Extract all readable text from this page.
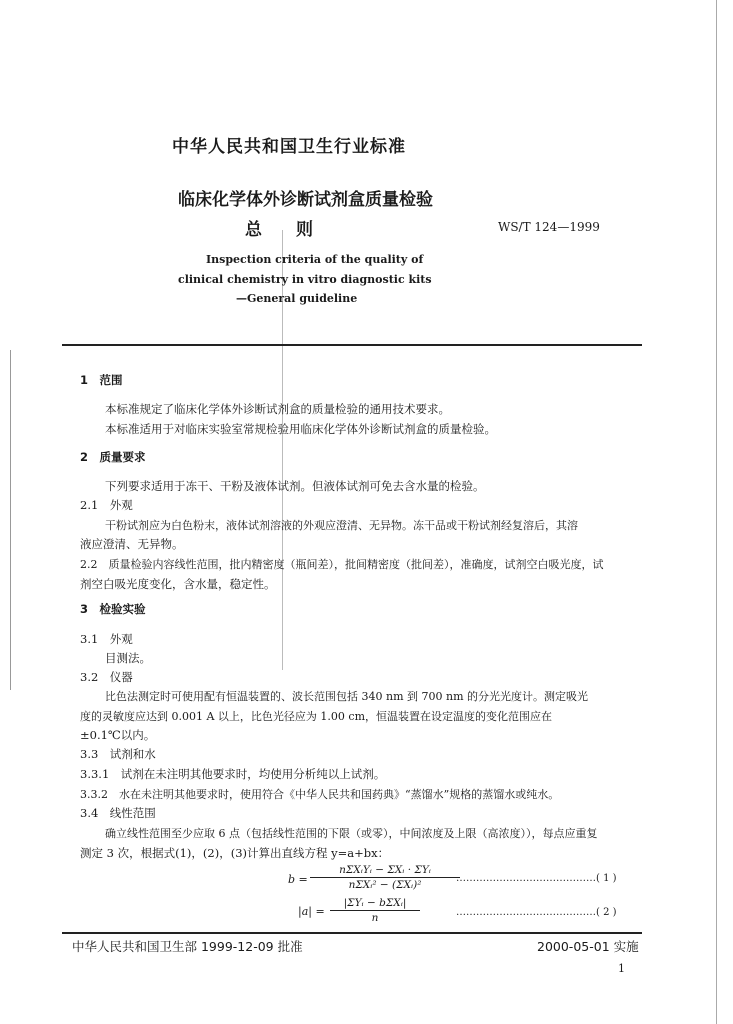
中华人民共和国卫生行业标准
临床化学体外诊断试剂盒质量检验
总　　则	WS/T 124—1999
Inspection criteria of the quality of
clinical chemistry in vitro diagnostic kits
—General guideline
1　范围
本标准规定了临床化学体外诊断试剂盒的质量检验的通用技术要求。
本标准适用于对临床实验室常规检验用临床化学体外诊断试剂盒的质量检验。
2　质量要求
下列要求适用于冻干、干粉及液体试剂。但液体试剂可免去含水量的检验。
2.1　外观
干粉试剂应为白色粉末，液体试剂溶液的外观应澄清、无异物。冻干品或干粉试剂经复溶后，其溶
液应澄清、无异物。
2.2　质量检验内容线性范围，批内精密度（瓶间差），批间精密度（批间差），准确度，试剂空白吸光度，试
剂空白吸光度变化，含水量，稳定性。
3　检验实验
3.1　外观
目测法。
3.2　仪器
比色法测定时可使用配有恒温装置的、波长范围包括 340 nm 到 700 nm 的分光光度计。测定吸光
度的灵敏度应达到 0.001 A 以上，比色光径应为 1.00 cm，恒温装置在设定温度的变化范围应在
±0.1℃以内。
3.3　试剂和水
3.3.1　试剂在未注明其他要求时，均使用分析纯以上试剂。
3.3.2　水在未注明其他要求时，使用符合《中华人民共和国药典》“蒸馏水”规格的蒸馏水或纯水。
3.4　线性范围
确立线性范围至少应取 6 点（包括线性范围的下限（或零），中间浓度及上限（高浓度）），每点应重复
测定 3 次，根据式(1)，(2)，(3)计算出直线方程 y=a+bx：
b =
nΣXᵢYᵢ − ΣXᵢ · ΣYᵢ
nΣXᵢ² − (ΣXᵢ)²
……………………………………( 1 )
|a| =
|ΣYᵢ − bΣXᵢ|
n	……………………………………( 2 )
中华人民共和国卫生部 1999-12-09 批准	2000-05-01 实施
1
